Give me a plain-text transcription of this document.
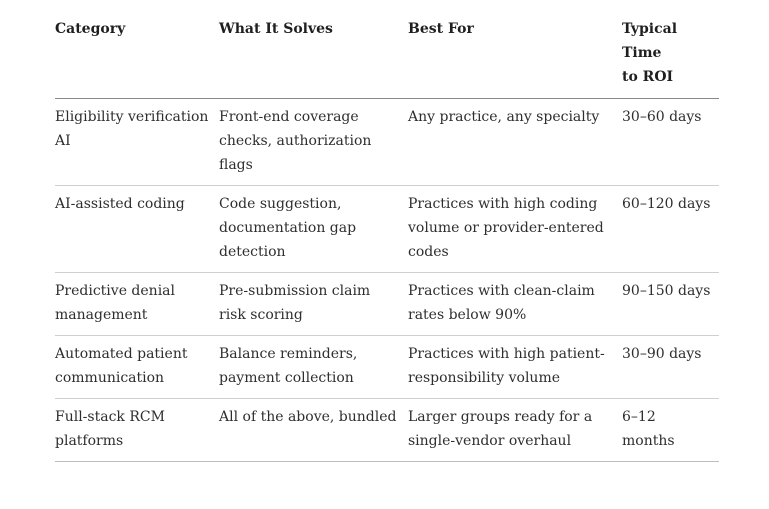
Category	What It Solves	Best For	Typical Time to ROI
Eligibility verification AI	Front-end coverage checks, authorization flags	Any practice, any specialty	30–60 days
AI-assisted coding	Code suggestion, documentation gap detection	Practices with high coding volume or provider-entered codes	60–120 days
Predictive denial management	Pre-submission claim risk scoring	Practices with clean-claim rates below 90%	90–150 days
Automated patient communication	Balance reminders, payment collection	Practices with high patient-responsibility volume	30–90 days
Full-stack RCM platforms	All of the above, bundled	Larger groups ready for a single-vendor overhaul	6–12 months
